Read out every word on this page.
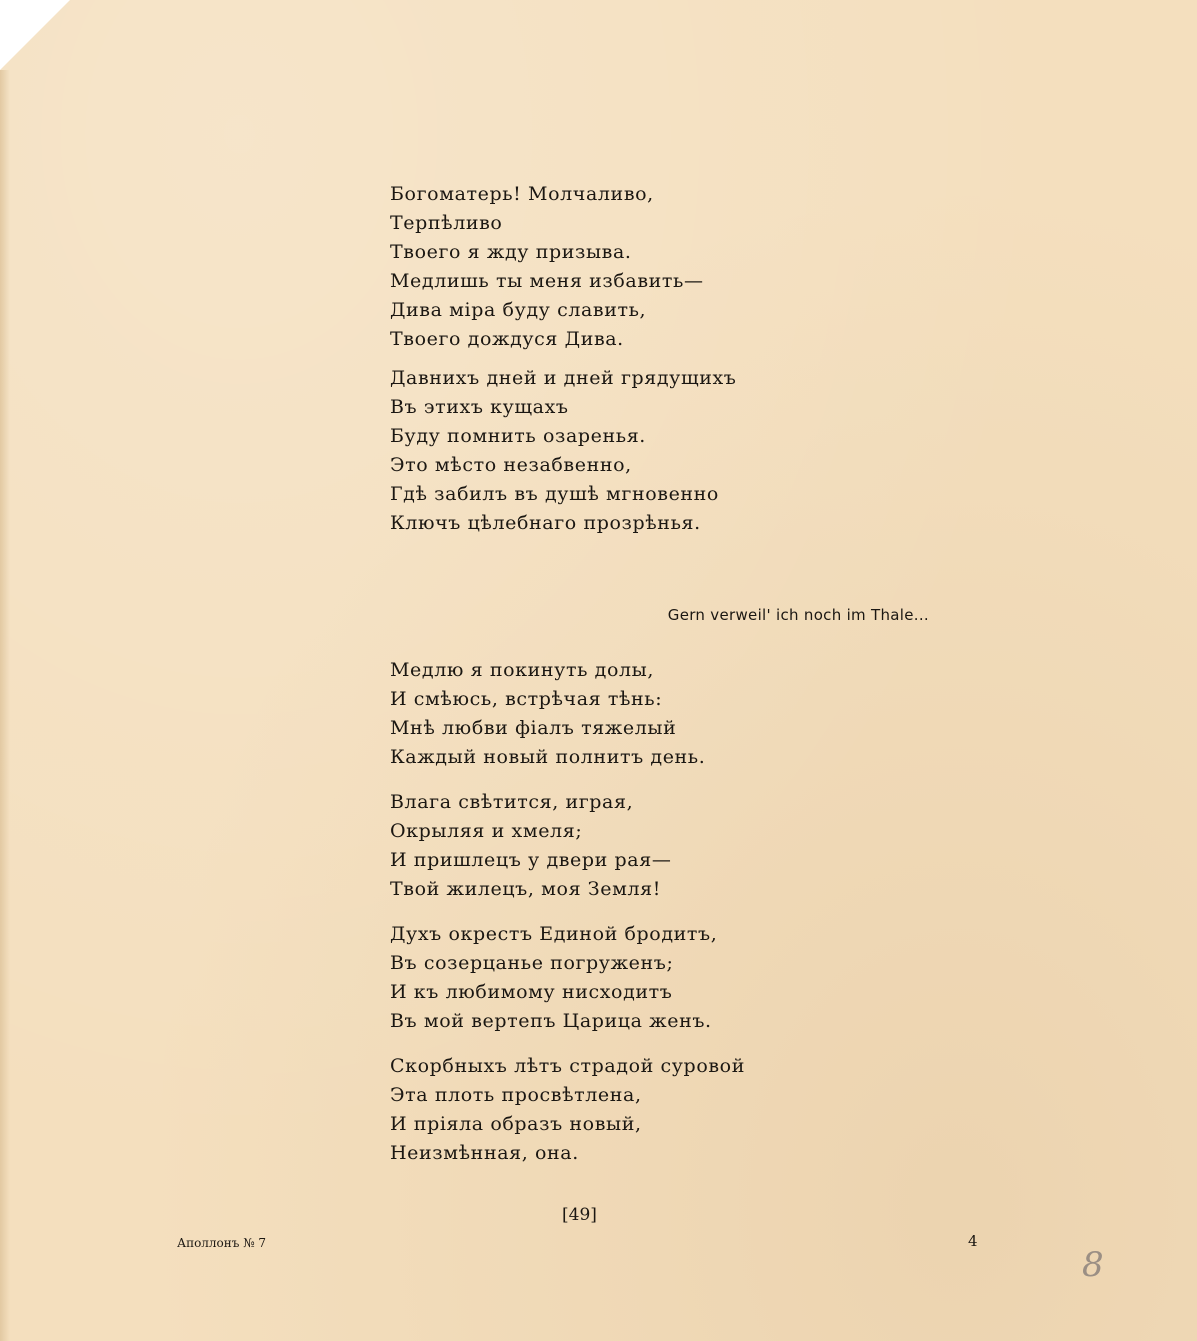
Богоматерь! Молчаливо,
Терпѣливо
Твоего я жду призыва.
Медлишь ты меня избавить—
Дива міра буду славить,
Твоего дождуся Дива.
Давнихъ дней и дней грядущихъ
Въ этихъ кущахъ
Буду помнить озаренья.
Это мѣсто незабвенно,
Гдѣ забилъ въ душѣ мгновенно
Ключъ цѣлебнаго прозрѣнья.
Gern verweil' ich noch im Thale...
Медлю я покинуть долы,
И смѣюсь, встрѣчая тѣнь:
Мнѣ любви фіалъ тяжелый
Каждый новый полнитъ день.
Влага свѣтится, играя,
Окрыляя и хмеля;
И пришлецъ у двери рая—
Твой жилецъ, моя Земля!
Духъ окрестъ Единой бродитъ,
Въ созерцанье погруженъ;
И къ любимому нисходитъ
Въ мой вертепъ Царица женъ.
Скорбныхъ лѣтъ страдой суровой
Эта плоть просвѣтлена,
И пріяла образъ новый,
Неизмѣнная, она.
[49]
Аполлонъ № 7	4
8
